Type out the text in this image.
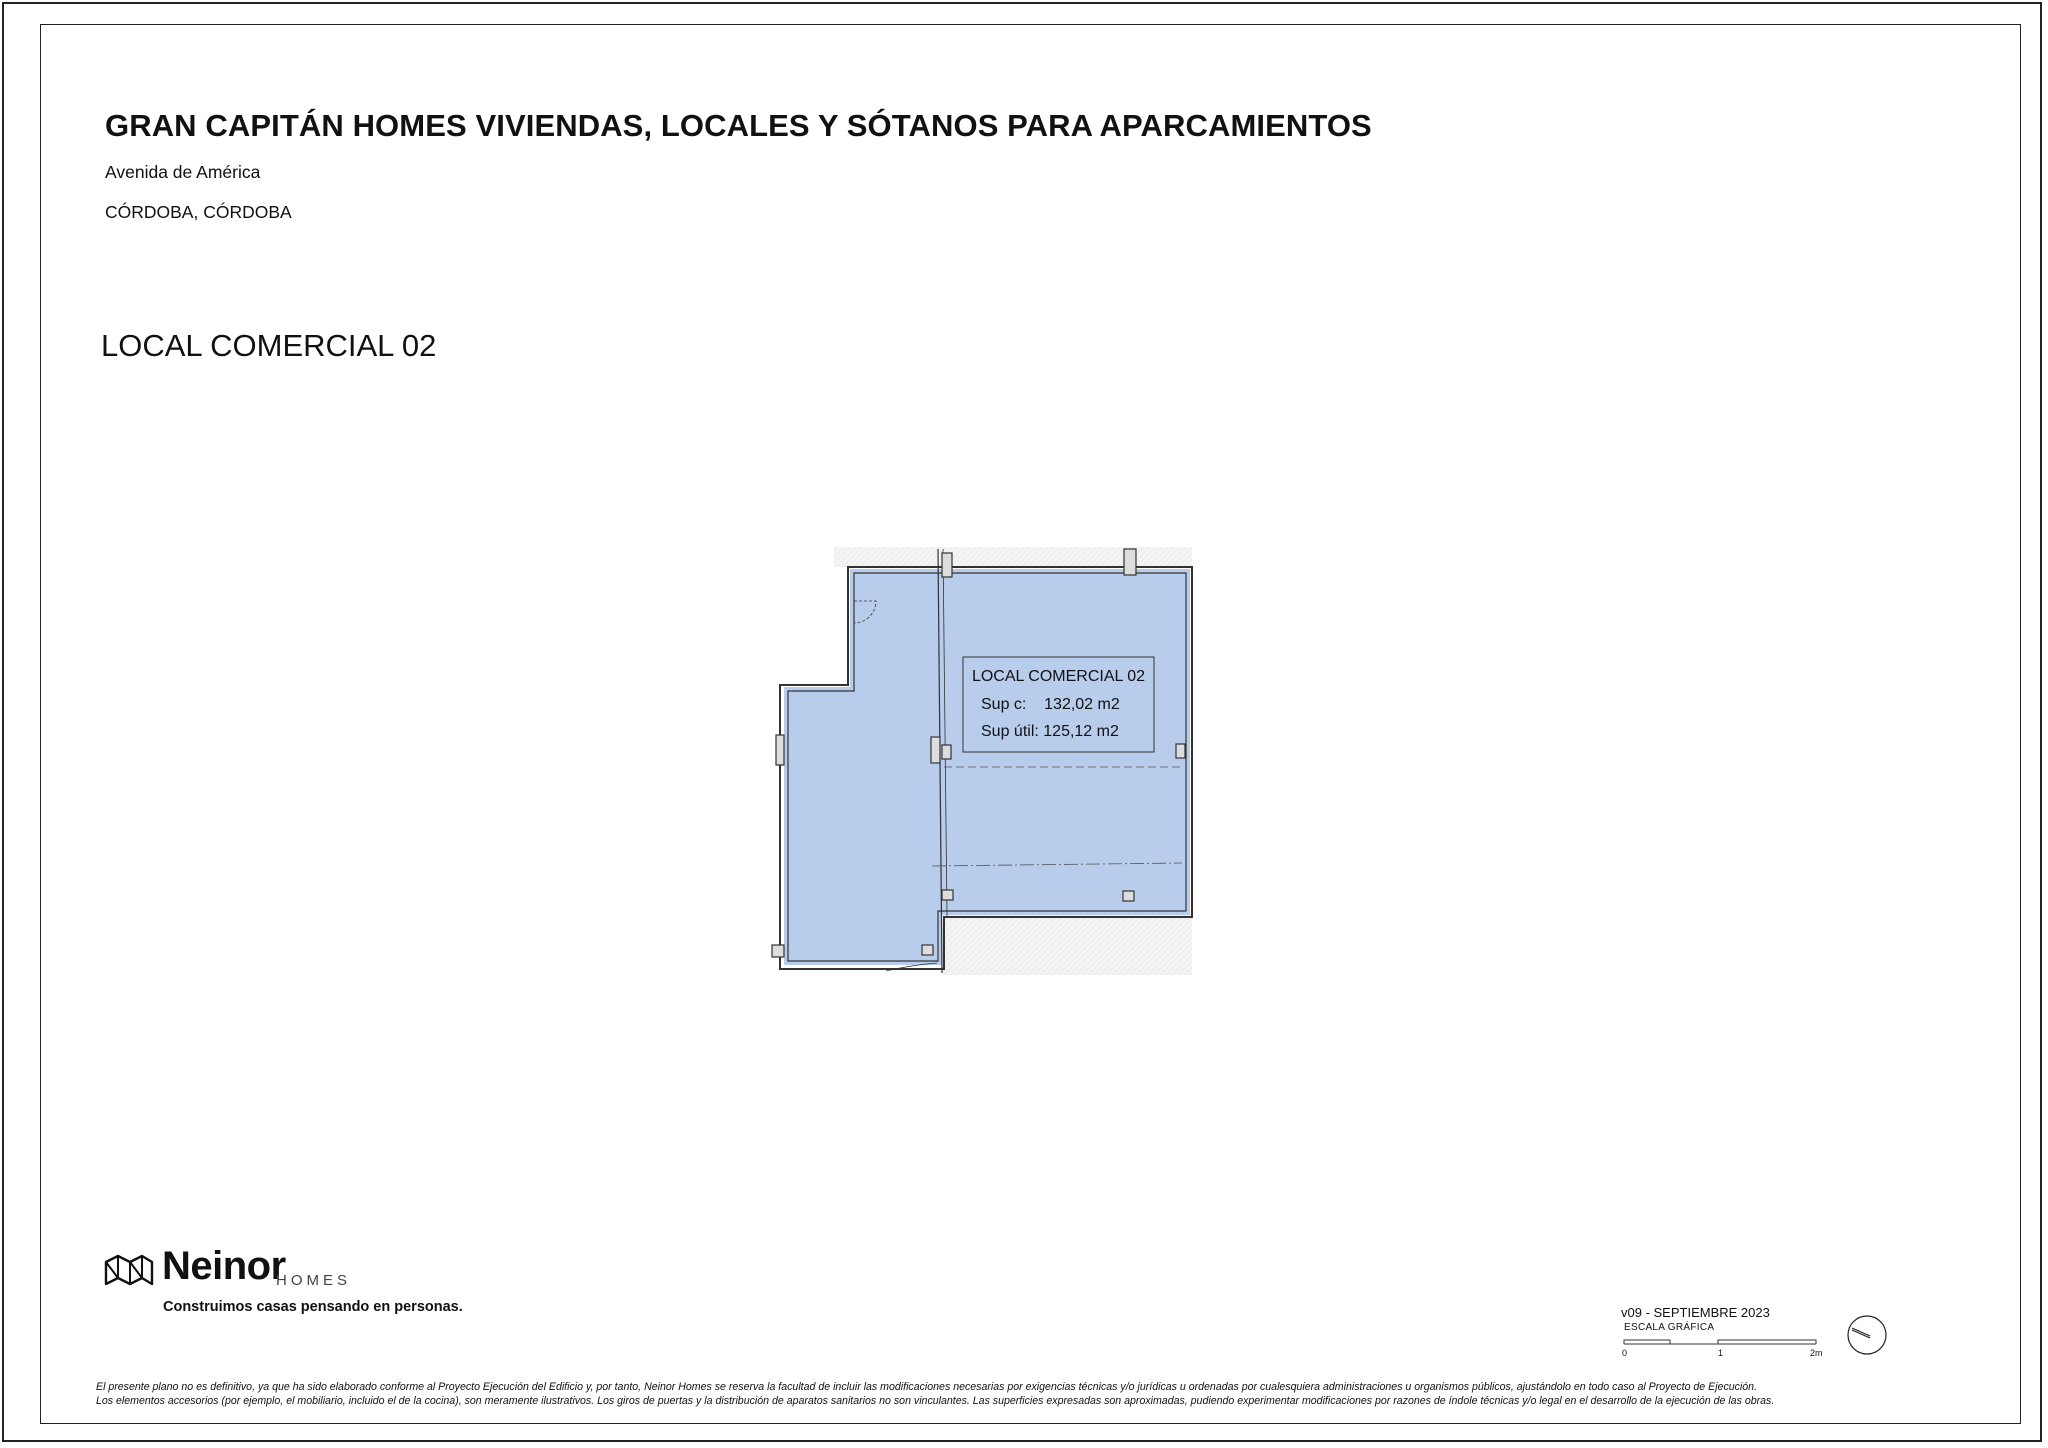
GRAN CAPITÁN HOMES VIVIENDAS, LOCALES Y SÓTANOS PARA APARCAMIENTOS
Avenida de América
CÓRDOBA, CÓRDOBA
LOCAL COMERCIAL 02
LOCAL COMERCIAL 02
Sup c: 132,02 m2
Sup útil: 125,12 m2
Neinor
HOMES
Construimos casas pensando en personas.	v09 - SEPTIEMBRE 2023
ESCALA GRÁFICA
0	1	2m
El presente plano no es definitivo, ya que ha sido elaborado conforme al Proyecto Ejecución del Edificio y, por tanto, Neinor Homes se reserva la facultad de incluir las modificaciones necesarias por exigencias técnicas y/o jurídicas u ordenadas por cualesquiera administraciones u organismos públicos, ajustándolo en todo caso al Proyecto de Ejecución.
Los elementos accesorios (por ejemplo, el mobiliario, incluido el de la cocina), son meramente ilustrativos. Los giros de puertas y la distribución de aparatos sanitarios no son vinculantes. Las superficies expresadas son aproximadas, pudiendo experimentar modificaciones por razones de índole técnicas y/o legal en el desarrollo de la ejecución de las obras.
